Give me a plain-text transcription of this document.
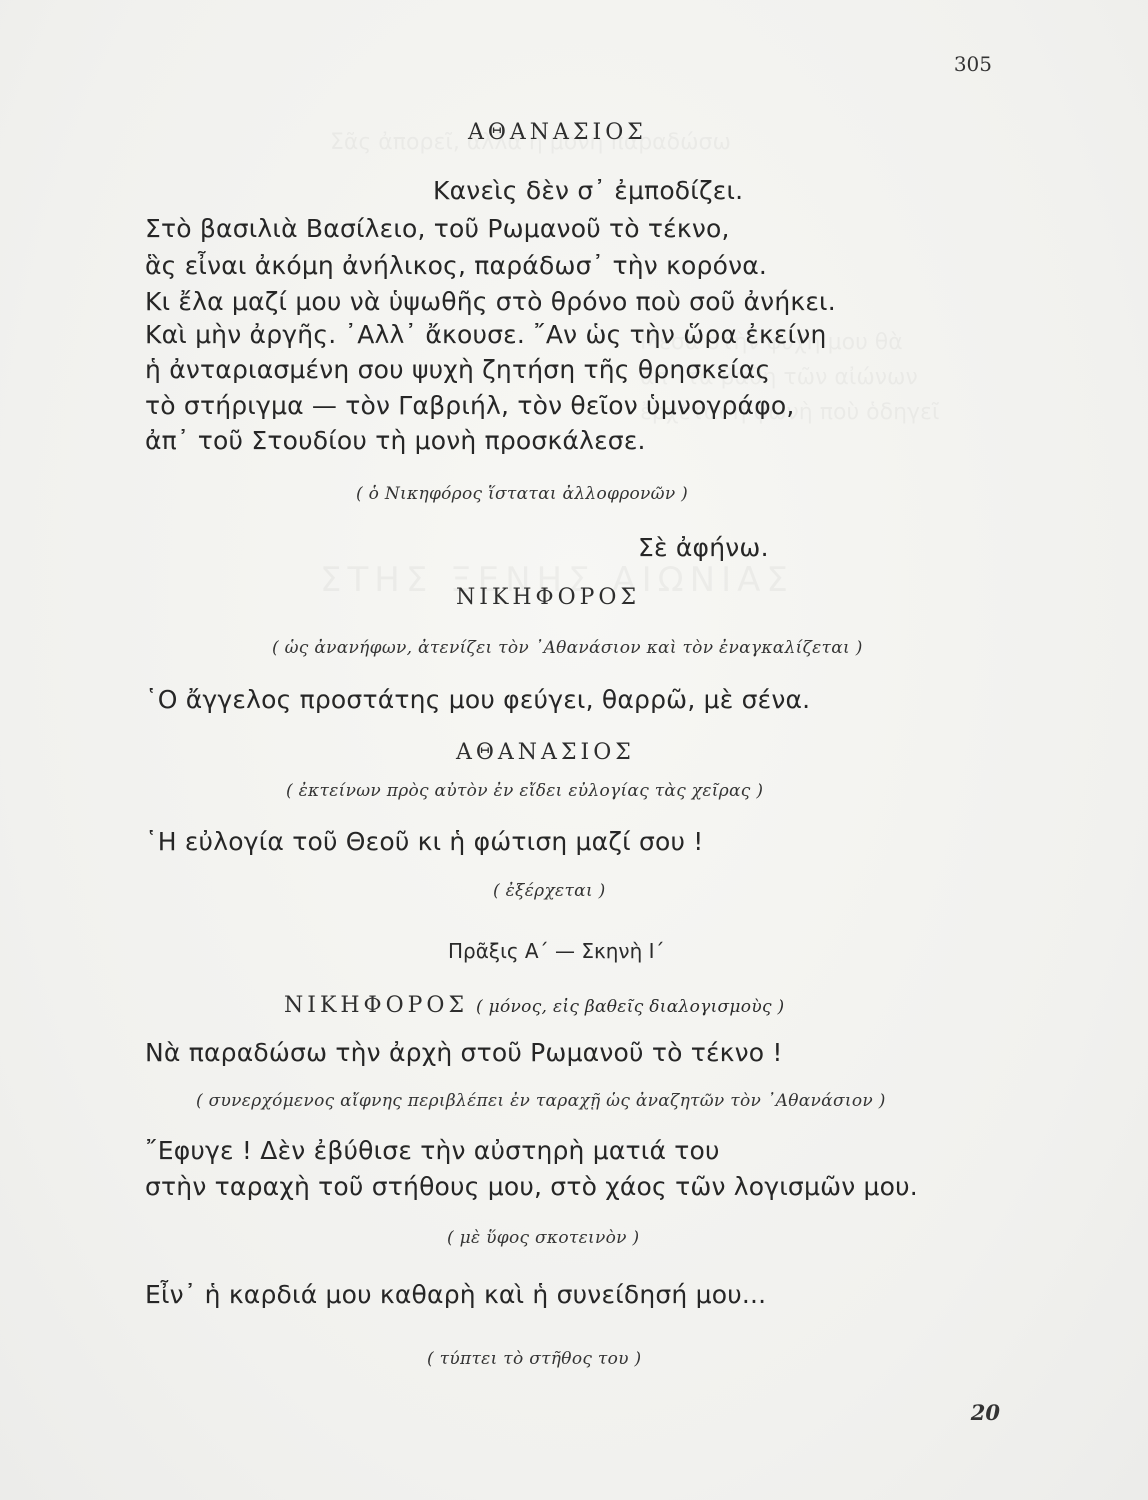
305
ΑΘΑΝΑΣΙΟΣ
Κανεὶς δὲν σ᾿ ἐμποδίζει.
Στὸ βασιλιὰ Βασίλειο, τοῦ Ρωμανοῦ τὸ τέκνο,
ἃς εἶναι ἀκόμη ἀνήλικος, παράδωσ᾿ τὴν κορόνα.
Κι ἔλα μαζί μου νὰ ὑψωθῆς στὸ θρόνο ποὺ σοῦ ἀνήκει.
Καὶ μὴν ἀργῆς. ᾿Αλλ᾿ ἄκουσε. ῎Αν ὡς τὴν ὥρα ἐκείνη
ἡ ἀνταριασμένη σου ψυχὴ ζητήση τῆς θρησκείας
τὸ στήριγμα — τὸν Γαβριήλ, τὸν θεῖον ὑμνογράφο,
ἀπ᾿ τοῦ Στουδίου τὴ μονὴ προσκάλεσε.
( ὁ Νικηφόρος ἵσταται ἀλλοφρονῶν )
Σὲ ἀφήνω.
ΝΙΚΗΦΟΡΟΣ
( ὡς ἀνανήφων, ἀτενίζει τὸν ᾿Αθανάσιον καὶ τὸν ἐναγκαλίζεται )
῾Ο ἄγγελος προστάτης μου φεύγει, θαρρῶ, μὲ σένα.
ΑΘΑΝΑΣΙΟΣ
( ἐκτείνων πρὸς αὐτὸν ἐν εἴδει εὐλογίας τὰς χεῖρας )
῾Η εὐλογία τοῦ Θεοῦ κι ἡ φώτιση μαζί σου !
( ἐξέρχεται )
Πρᾶξις Α΄ — Σκηνὴ Ι΄
ΝΙΚΗΦΟΡΟΣ ( μόνος, εἰς βαθεῖς διαλογισμοὺς )
Νὰ παραδώσω τὴν ἀρχὴ στοῦ Ρωμανοῦ τὸ τέκνο !
( συνερχόμενος αἴφνης περιβλέπει ἐν ταραχῇ ὡς ἀναζητῶν τὸν ᾿Αθανάσιον )
῎Εφυγε ! Δὲν ἐβύθισε τὴν αὐστηρὴ ματιά του
στὴν ταραχὴ τοῦ στήθους μου, στὸ χάος τῶν λογισμῶν μου.
( μὲ ὕφος σκοτεινὸν )
Εἶν᾿ ἡ καρδιά μου καθαρὴ καὶ ἡ συνείδησή μου...
( τύπτει τὸ στῆθος του )
20
